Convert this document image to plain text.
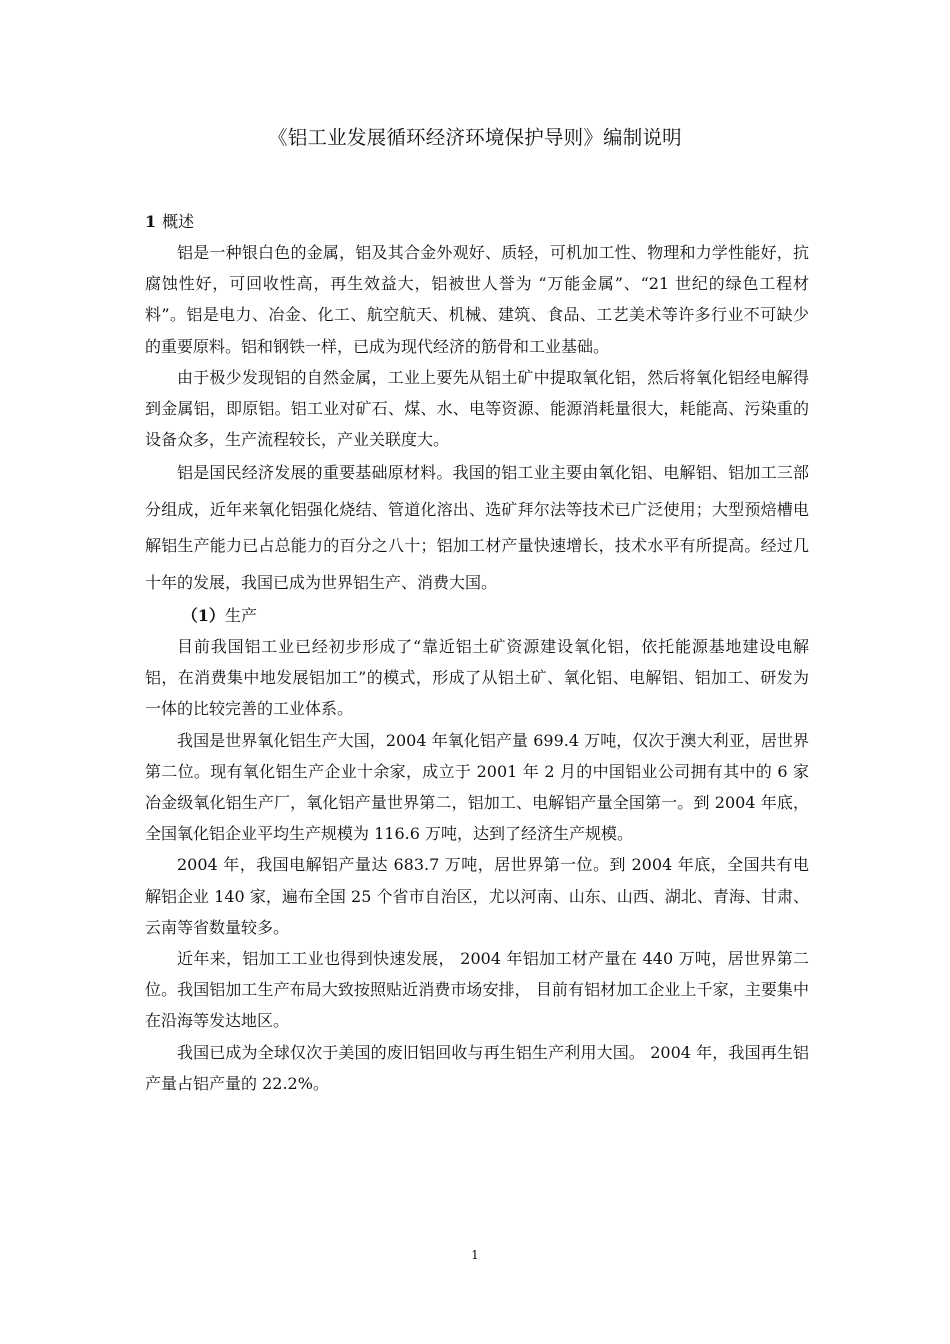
《铝工业发展循环经济环境保护导则》编制说明

1 概述

铝是一种银白色的金属，铝及其合金外观好、质轻，可机加工性、物理和力学性能好，抗腐蚀性好，可回收性高，再生效益大，铝被世人誉为 “万能金属”、“21 世纪的绿色工程材料”。铝是电力、冶金、化工、航空航天、机械、建筑、食品、工艺美术等许多行业不可缺少的重要原料。铝和钢铁一样，已成为现代经济的筋骨和工业基础。

由于极少发现铝的自然金属，工业上要先从铝土矿中提取氧化铝，然后将氧化铝经电解得到金属铝，即原铝。铝工业对矿石、煤、水、电等资源、能源消耗量很大，耗能高、污染重的设备众多，生产流程较长，产业关联度大。

铝是国民经济发展的重要基础原材料。我国的铝工业主要由氧化铝、电解铝、铝加工三部分组成，近年来氧化铝强化烧结、管道化溶出、选矿拜尔法等技术已广泛使用；大型预焙槽电解铝生产能力已占总能力的百分之八十；铝加工材产量快速增长，技术水平有所提高。经过几十年的发展，我国已成为世界铝生产、消费大国。

（1）生产

目前我国铝工业已经初步形成了“靠近铝土矿资源建设氧化铝，依托能源基地建设电解铝，在消费集中地发展铝加工”的模式，形成了从铝土矿、氧化铝、电解铝、铝加工、研发为一体的比较完善的工业体系。

我国是世界氧化铝生产大国，2004 年氧化铝产量 699.4 万吨，仅次于澳大利亚，居世界第二位。现有氧化铝生产企业十余家，成立于 2001 年 2 月的中国铝业公司拥有其中的 6 家冶金级氧化铝生产厂，氧化铝产量世界第二，铝加工、电解铝产量全国第一。到 2004 年底，全国氧化铝企业平均生产规模为 116.6 万吨，达到了经济生产规模。

2004 年，我国电解铝产量达 683.7 万吨，居世界第一位。到 2004 年底，全国共有电解铝企业 140 家，遍布全国 25 个省市自治区，尤以河南、山东、山西、湖北、青海、甘肃、云南等省数量较多。

近年来，铝加工工业也得到快速发展， 2004 年铝加工材产量在 440 万吨，居世界第二位。我国铝加工生产布局大致按照贴近消费市场安排， 目前有铝材加工企业上千家，主要集中在沿海等发达地区。

我国已成为全球仅次于美国的废旧铝回收与再生铝生产利用大国。 2004 年，我国再生铝产量占铝产量的 22.2%。

1
